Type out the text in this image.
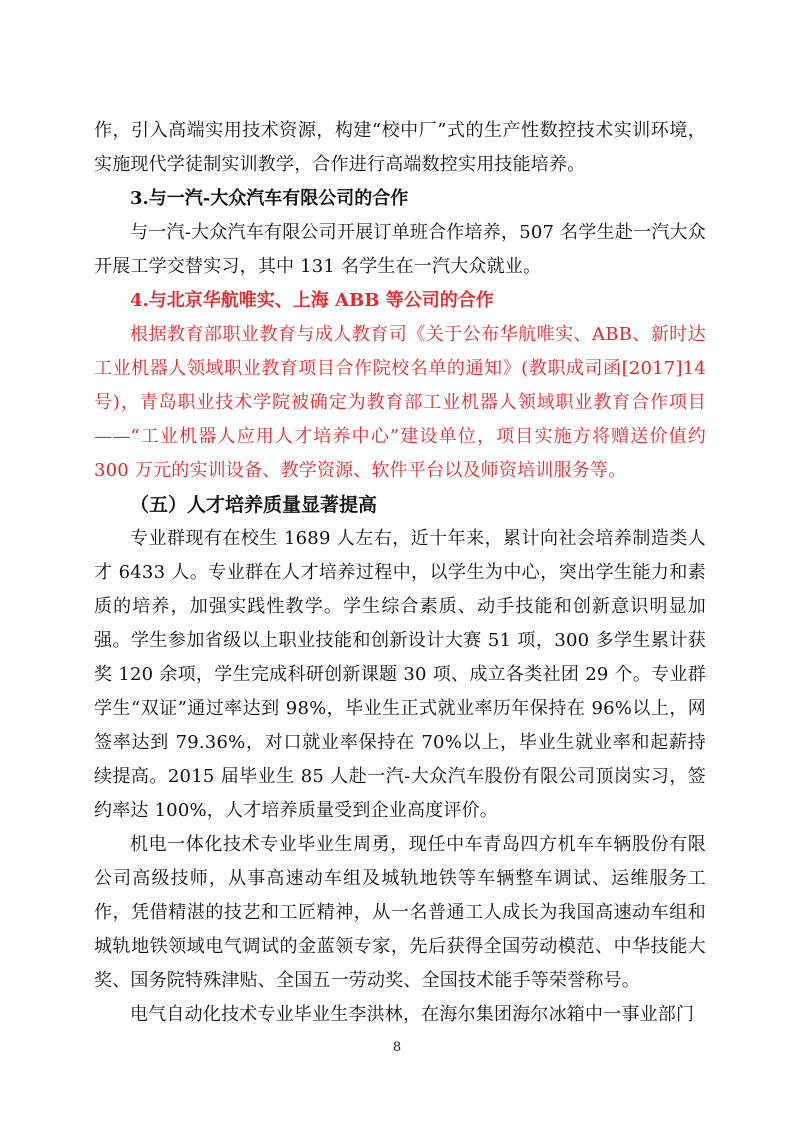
作，引入高端实用技术资源，构建“校中厂”式的生产性数控技术实训环境，实施现代学徒制实训教学，合作进行高端数控实用技能培养。

3.与一汽-大众汽车有限公司的合作

与一汽-大众汽车有限公司开展订单班合作培养，507 名学生赴一汽大众开展工学交替实习，其中 131 名学生在一汽大众就业。

4.与北京华航唯实、上海 ABB 等公司的合作

根据教育部职业教育与成人教育司《关于公布华航唯实、ABB、新时达工业机器人领域职业教育项目合作院校名单的通知》(教职成司函[2017]14 号)，青岛职业技术学院被确定为教育部工业机器人领域职业教育合作项目——“工业机器人应用人才培养中心”建设单位，项目实施方将赠送价值约 300 万元的实训设备、教学资源、软件平台以及师资培训服务等。

（五）人才培养质量显著提高

专业群现有在校生 1689 人左右，近十年来，累计向社会培养制造类人才 6433 人。专业群在人才培养过程中，以学生为中心，突出学生能力和素质的培养，加强实践性教学。学生综合素质、动手技能和创新意识明显加强。学生参加省级以上职业技能和创新设计大赛 51 项，300 多学生累计获奖 120 余项，学生完成科研创新课题 30 项、成立各类社团 29 个。专业群学生“双证”通过率达到 98%，毕业生正式就业率历年保持在 96%以上，网签率达到 79.36%，对口就业率保持在 70%以上，毕业生就业率和起薪持续提高。2015 届毕业生 85 人赴一汽-大众汽车股份有限公司顶岗实习，签约率达 100%，人才培养质量受到企业高度评价。

机电一体化技术专业毕业生周勇，现任中车青岛四方机车车辆股份有限公司高级技师，从事高速动车组及城轨地铁等车辆整车调试、运维服务工作，凭借精湛的技艺和工匠精神，从一名普通工人成长为我国高速动车组和城轨地铁领域电气调试的金蓝领专家，先后获得全国劳动模范、中华技能大奖、国务院特殊津贴、全国五一劳动奖、全国技术能手等荣誉称号。

电气自动化技术专业毕业生李洪林，在海尔集团海尔冰箱中一事业部门

8
